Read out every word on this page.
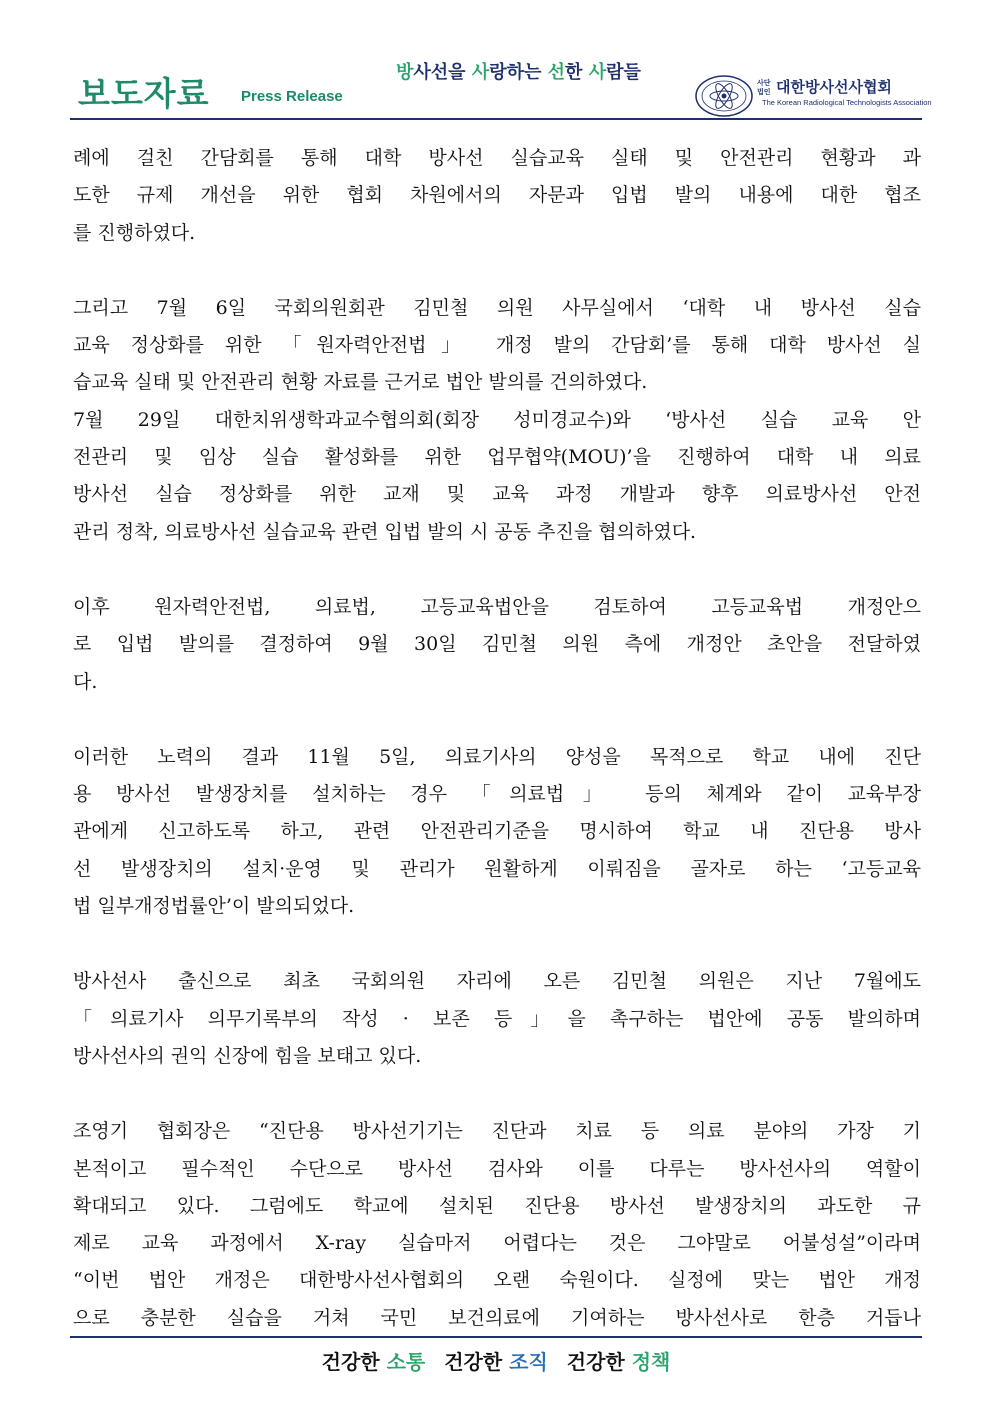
보도자료 Press Release
방사선을 사랑하는 선한 사람들	사단법인 대한방사선사협회
The Korean Radiological Technologists Association
례에 걸친 간담회를 통해 대학 방사선 실습교육 실태 및 안전관리 현황과 과
도한 규제 개선을 위한 협회 차원에서의 자문과 입법 발의 내용에 대한 협조
를 진행하였다.
그리고 7월 6일 국회의원회관 김민철 의원 사무실에서 ‘대학 내 방사선 실습
교육 정상화를 위한 「원자력안전법」 개정 발의 간담회’를 통해 대학 방사선 실
습교육 실태 및 안전관리 현황 자료를 근거로 법안 발의를 건의하였다.
7월 29일 대한치위생학과교수협의회(회장 성미경교수)와 ‘방사선 실습 교육 안
전관리 및 임상 실습 활성화를 위한 업무협약(MOU)’을 진행하여 대학 내 의료
방사선 실습 정상화를 위한 교재 및 교육 과정 개발과 향후 의료방사선 안전
관리 정착, 의료방사선 실습교육 관련 입법 발의 시 공동 추진을 협의하였다.
이후 원자력안전법, 의료법, 고등교육법안을 검토하여 고등교육법 개정안으
로 입법 발의를 결정하여 9월 30일 김민철 의원 측에 개정안 초안을 전달하였
다.
이러한 노력의 결과 11월 5일, 의료기사의 양성을 목적으로 학교 내에 진단
용 방사선 발생장치를 설치하는 경우 「의료법」 등의 체계와 같이 교육부장
관에게 신고하도록 하고, 관련 안전관리기준을 명시하여 학교 내 진단용 방사
선 발생장치의 설치·운영 및 관리가 원활하게 이뤄짐을 골자로 하는 ‘고등교육
법 일부개정법률안’이 발의되었다.
방사선사 출신으로 최초 국회의원 자리에 오른 김민철 의원은 지난 7월에도
「의료기사 의무기록부의 작성 · 보존 등」을 촉구하는 법안에 공동 발의하며
방사선사의 권익 신장에 힘을 보태고 있다.
조영기 협회장은 “진단용 방사선기기는 진단과 치료 등 의료 분야의 가장 기
본적이고 필수적인 수단으로 방사선 검사와 이를 다루는 방사선사의 역할이
확대되고 있다. 그럼에도 학교에 설치된 진단용 방사선 발생장치의 과도한 규
제로 교육 과정에서 X-ray 실습마저 어렵다는 것은 그야말로 어불성설”이라며
“이번 법안 개정은 대한방사선사협회의 오랜 숙원이다. 실정에 맞는 법안 개정
으로 충분한 실습을 거쳐 국민 보건의료에 기여하는 방사선사로 한층 거듭나
건강한 소통 건강한 조직 건강한 정책
